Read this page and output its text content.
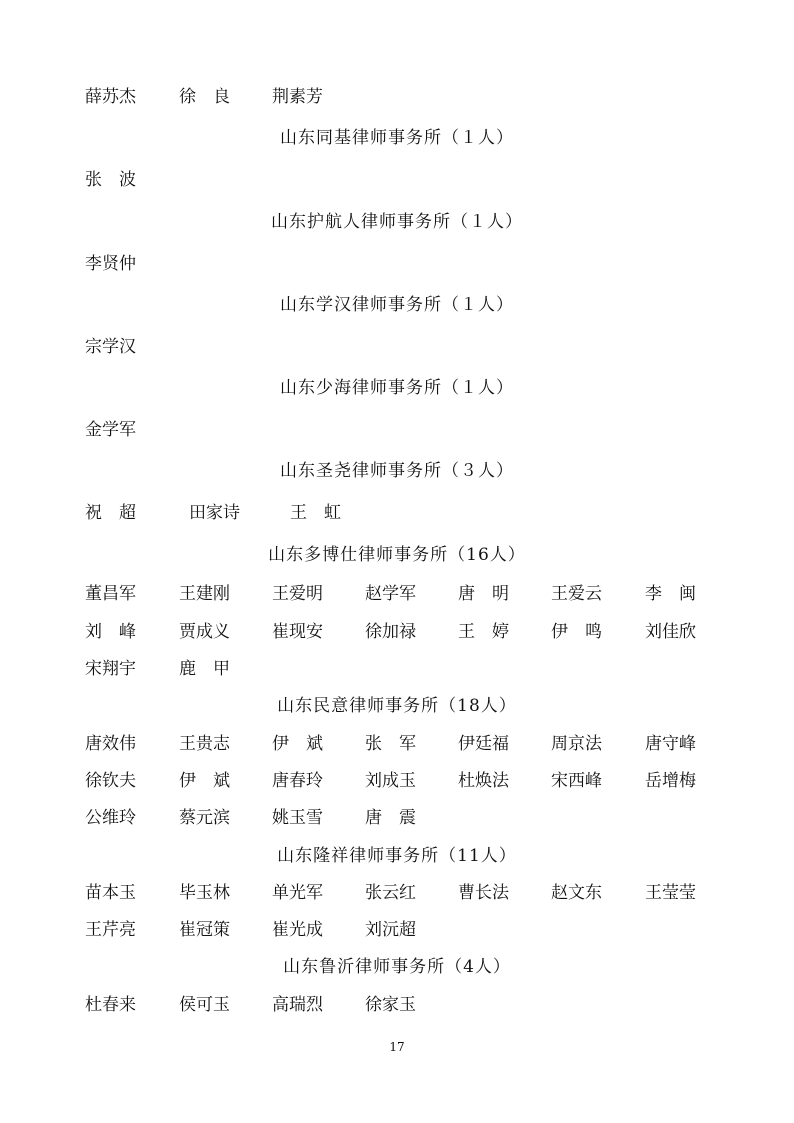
薛苏杰	徐　良 荆素芳
山东同基律师事务所（１人）
张　波
山东护航人律师事务所（１人）
李贤仲
山东学汉律师事务所（１人）
宗学汉
山东少海律师事务所（１人）
金学军
山东圣尧律师事务所（３人）
祝　超	田家诗	王　虹
山东多博仕律师事务所（16人）
董昌军	王建刚 王爱明 赵学军 唐　明 王爱云	李　闽
刘　峰	贾成义 崔现安 徐加禄 王　婷 伊　鸣	刘佳欣
宋翔宇	鹿　甲
山东民意律师事务所（18人）
唐效伟	王贵志 伊　斌 张　军 伊廷福 周京法	唐守峰
徐钦夫	伊　斌 唐春玲 刘成玉 杜焕法 宋西峰	岳增梅
公维玲	蔡元滨 姚玉雪 唐　震
山东隆祥律师事务所（11人）
苗本玉	毕玉林 单光军 张云红 曹长法 赵文东	王莹莹
王芹亮	崔冠策 崔光成 刘沅超
山东鲁沂律师事务所（4人）
杜春来	侯可玉 高瑞烈 徐家玉
17
